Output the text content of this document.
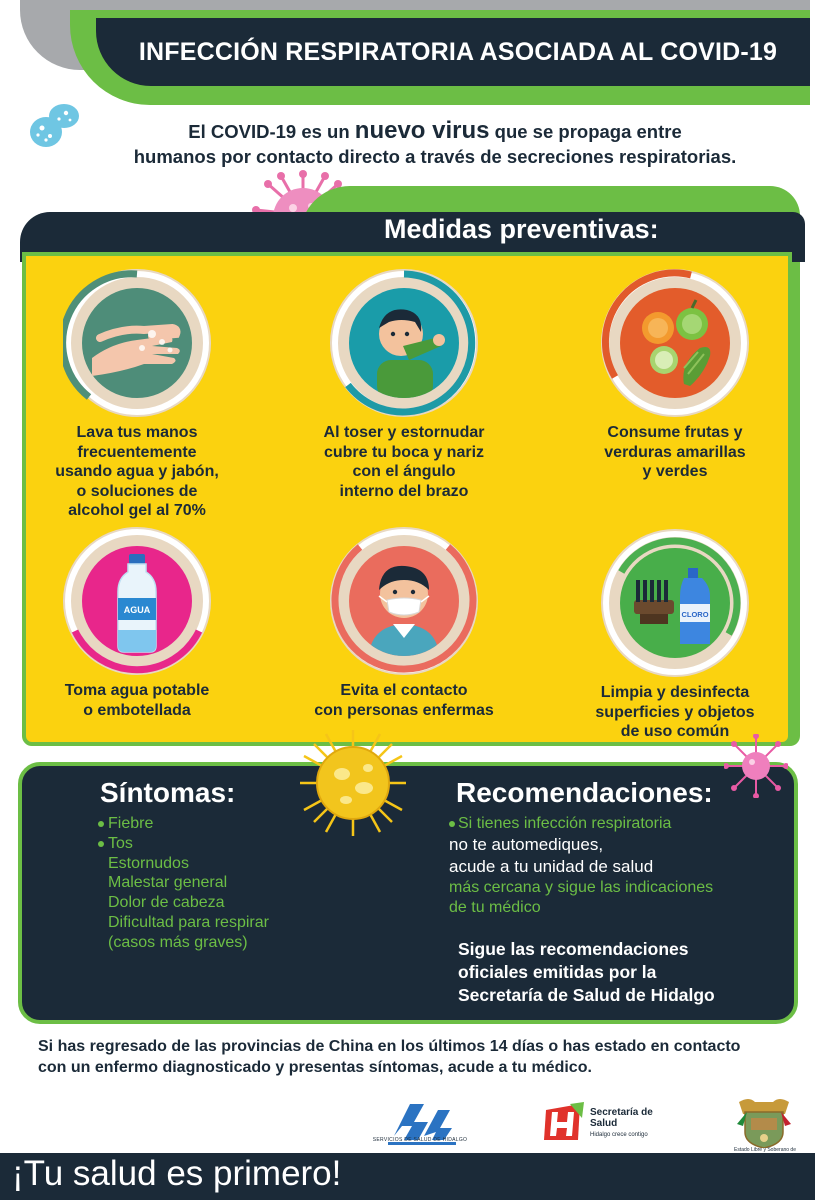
INFECCIÓN RESPIRATORIA ASOCIADA AL COVID-19

El COVID-19 es un nuevo virus que se propaga entre
humanos por contacto directo a través de secreciones respiratorias.

Medidas preventivas:

Lava tus manos
frecuentemente
usando agua y jabón,
o soluciones de
alcohol gel al 70%

Al toser y estornudar
cubre tu boca y nariz
con el ángulo
interno del brazo

Consume frutas y
verduras amarillas
y verdes

AGUA

Toma agua potable
o embotellada

Evita el contacto
con personas enfermas

CLORO

Limpia y desinfecta
superficies y objetos
de uso común

Síntomas:
Fiebre
Tos
Estornudos
Malestar general
Dolor de cabeza
Dificultad para respirar
(casos más graves)
Recomendaciones:
Si tienes infección respiratoria
no te automediques,
acude a tu unidad de salud
más cercana y sigue las indicaciones
de tu médico

Sigue las recomendaciones
oficiales emitidas por la
Secretaría de Salud de Hidalgo

Si has regresado de las provincias de China en los últimos 14 días o has estado en contacto
con un enfermo diagnosticado y presentas síntomas, acude a tu médico.

SERVICIOS DE SALUD DE HIDALGO
Secretaría de
Salud
Hidalgo crece contigo
Estado Libre y Soberano de

¡Tu salud es primero!
